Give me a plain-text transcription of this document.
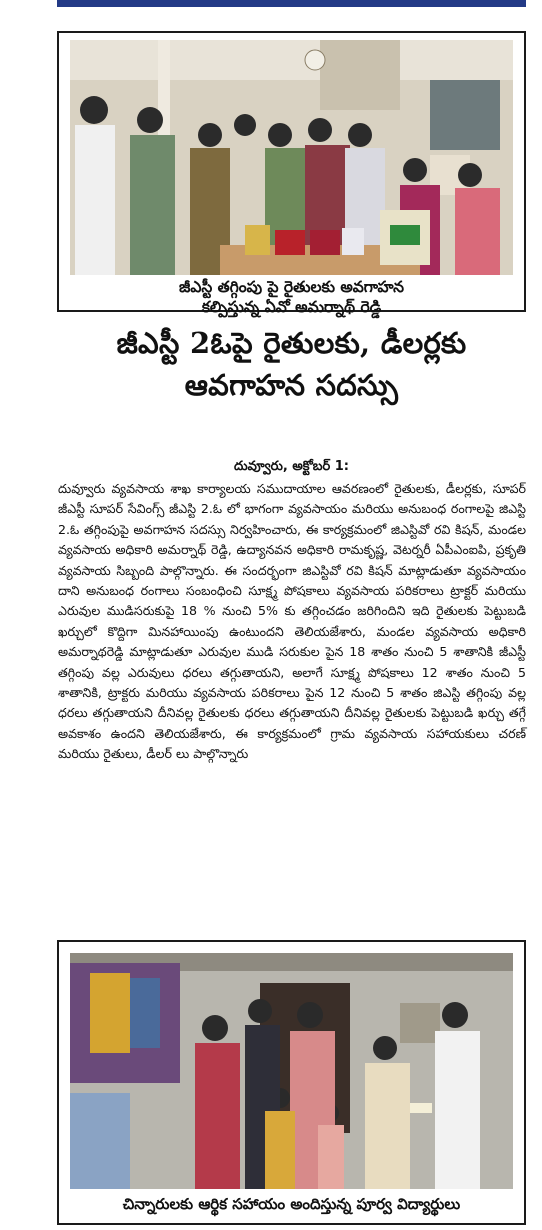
జీఎస్టీ తగ్గింపు పై రైతులకు అవగాహన
కల్పిస్తున్న ఏవో అమర్నాథ్ రెడ్డి
జీఎస్టీ 2ఓపై రైతులకు, డీలర్లకు ఆవగాహన సదస్సు
దువ్వూరు, అక్టోబర్ 1:
దువ్వూరు వ్యవసాయ శాఖ కార్యాలయ సముదాయాల ఆవరణంలో రైతులకు, డీలర్లకు, సూపర్ జీఎస్టీ సూపర్ సేవింగ్స్ జీఎస్టి 2.ఓ లో భాగంగా వ్యవసాయం మరియు అనుబంధ రంగాలపై జిఎస్టి 2.ఓ తగ్గింపుపై అవగాహన సదస్సు నిర్వహించారు, ఈ కార్యక్రమంలో జిఎస్టివో రవి కిషన్, మండల వ్యవసాయ అధికారి అమర్నాథ్ రెడ్డి, ఉద్యానవన అధికారి రామకృష్ణ, వెటర్నరీ ఏపీఎంఐపి, ప్రకృతి వ్యవసాయ సిబ్బంది పాల్గొన్నారు. ఈ సందర్భంగా జిఎస్టివో రవి కిషన్ మాట్లాడుతూ వ్యవసాయం దాని అనుబంధ రంగాలు సంబంధించి సూక్ష్మ పోషకాలు వ్యవసాయ పరికరాలు ట్రాక్టర్ మరియు ఎరువుల ముడిసరుకుపై 18 % నుంచి 5% కు తగ్గించడం జరిగిందిని ఇది రైతులకు పెట్టుబడి ఖర్చులో కొద్దిగా మినహాయింపు ఉంటుందని తెలియజేశారు, మండల వ్యవసాయ అధికారి అమర్నాథరెడ్డి మాట్లాడుతూ ఎరువుల ముడి సరుకుల పైన 18 శాతం నుంచి 5 శాతానికి జీఎస్టీ తగ్గింపు వల్ల ఎరువులు ధరలు తగ్గుతాయని, అలాగే సూక్ష్మ పోషకాలు 12 శాతం నుంచి 5 శాతానికి, ట్రాక్టరు మరియు వ్యవసాయ పరికరాలు పైన 12 నుంచి 5 శాతం జిఎస్టి తగ్గింపు వల్ల ధరలు తగ్గుతాయని దీనివల్ల రైతులకు ధరలు తగ్గుతాయని దీనివల్ల రైతులకు పెట్టుబడి ఖర్చు తగ్గే అవకాశం ఉందని తెలియజేశారు, ఈ కార్యక్రమంలో గ్రామ వ్యవసాయ సహాయకులు చరణ్ మరియు రైతులు, డీలర్ లు పాల్గొన్నారు
చిన్నారులకు ఆర్థిక సహాయం అందిస్తున్న పూర్వ విద్యార్థులు
